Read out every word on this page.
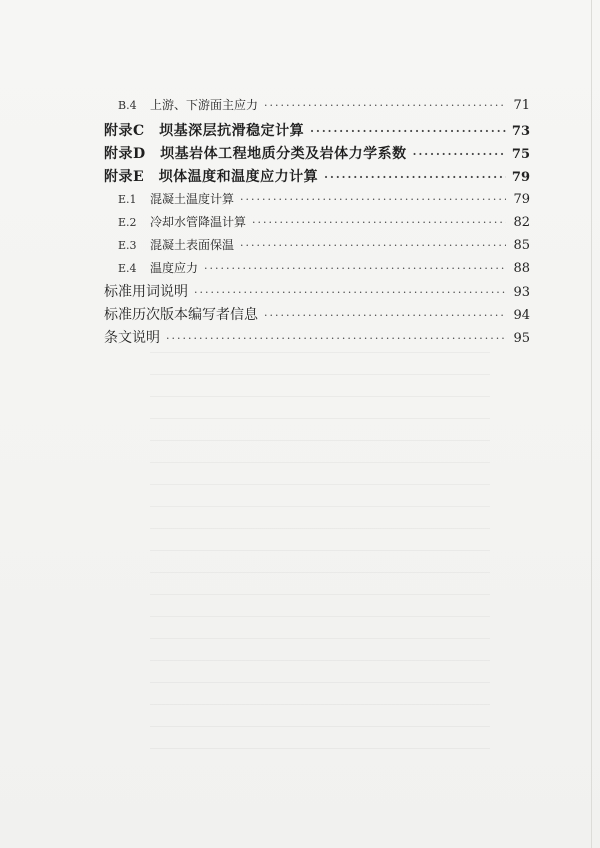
B.4	上游、下游面主应力 ·····	71
附录C　坝基深层抗滑稳定计算 ·····	73
附录D　坝基岩体工程地质分类及岩体力学系数 ·····	75
附录E　坝体温度和温度应力计算 ·····	79
E.1	混凝土温度计算 ·····	79
E.2	冷却水管降温计算 ·····	82
E.3	混凝土表面保温 ·····	85
E.4	温度应力 ·····	88
标准用词说明 ·····	93
标准历次版本编写者信息 ·····	94
条文说明 ·····	95
